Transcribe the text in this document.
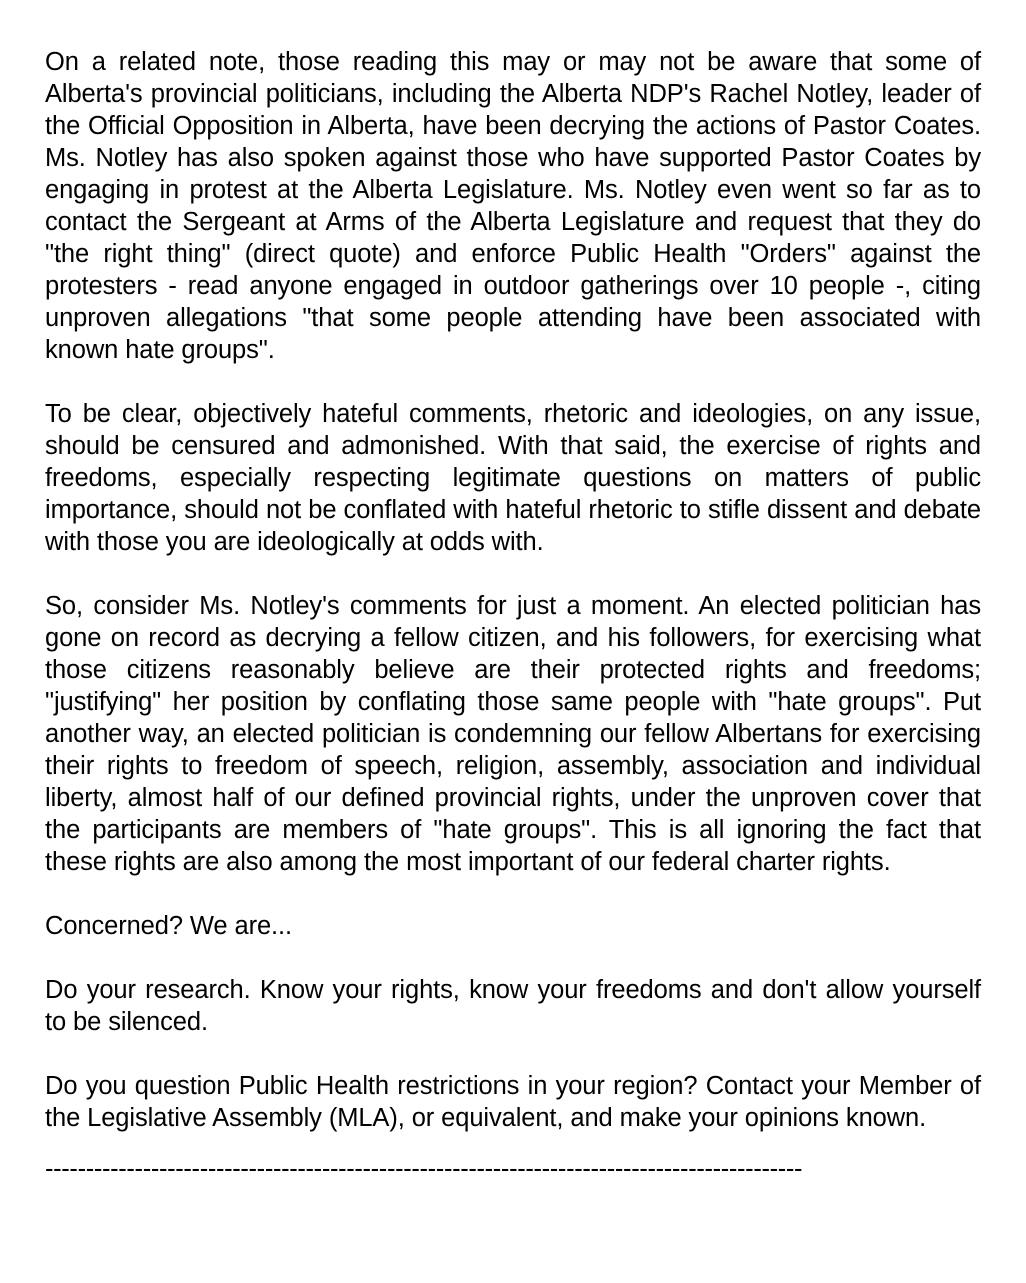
On a related note, those reading this may or may not be aware that some of Alberta's provincial politicians, including the Alberta NDP's Rachel Notley, leader of the Official Opposition in Alberta, have been decrying the actions of Pastor Coates. Ms. Notley has also spoken against those who have supported Pastor Coates by engaging in protest at the Alberta Legislature. Ms. Notley even went so far as to contact the Sergeant at Arms of the Alberta Legislature and request that they do "the right thing" (direct quote) and enforce Public Health "Orders" against the protesters - read anyone engaged in outdoor gatherings over 10 people -, citing unproven allegations "that some people attending have been associated with known hate groups".

To be clear, objectively hateful comments, rhetoric and ideologies, on any issue, should be censured and admonished. With that said, the exercise of rights and freedoms, especially respecting legitimate questions on matters of public importance, should not be conflated with hateful rhetoric to stifle dissent and debate with those you are ideologically at odds with.

So, consider Ms. Notley's comments for just a moment. An elected politician has gone on record as decrying a fellow citizen, and his followers, for exercising what those citizens reasonably believe are their protected rights and freedoms; "justifying" her position by conflating those same people with "hate groups". Put another way, an elected politician is condemning our fellow Albertans for exercising their rights to freedom of speech, religion, assembly, association and individual liberty, almost half of our defined provincial rights, under the unproven cover that the participants are members of "hate groups". This is all ignoring the fact that  these rights are also among the most important of our federal charter rights.

Concerned? We are...

Do your research. Know your rights, know your freedoms and don't allow yourself to be silenced.

Do you question Public Health restrictions in your region? Contact your Member of the Legislative Assembly (MLA), or equivalent, and make your opinions known.

---------------------------------------------------------------------------------------------
